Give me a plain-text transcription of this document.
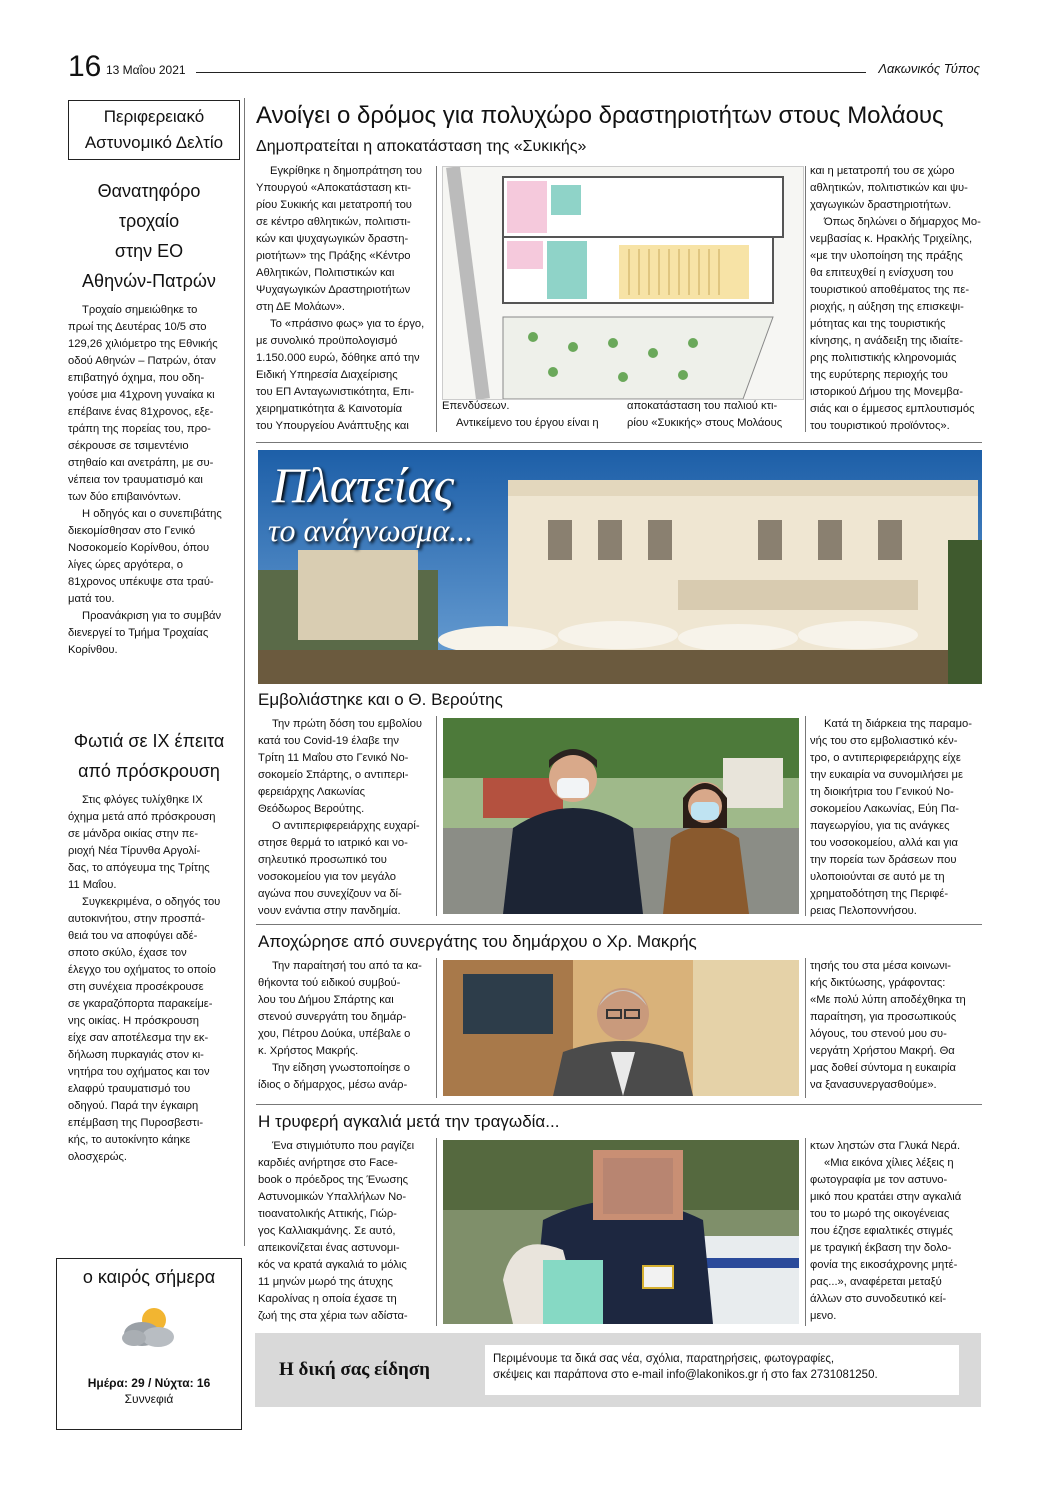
16 13 Μαΐου 2021	Λακωνικός Τύπος
Περιφερειακό
Αστυνομικό Δελτίο
Θανατηφόρο τροχαίο
στην ΕΟ
Αθηνών-Πατρών

Τροχαίο σημειώθηκε το

πρωί της Δευτέρας 10/5 στο

129,26 χιλιόμετρο της Εθνικής

οδού Αθηνών – Πατρών, όταν

επιβατηγό όχημα, που οδη-

γούσε μια 41χρονη γυναίκα κι

επέβαινε ένας 81χρονος, εξε-

τράπη της πορείας του, προ-

σέκρουσε σε τσιμεντένιο

στηθαίο και ανετράπη, με συ-

νέπεια τον τραυματισμό και

των δύο επιβαινόντων.

Η οδηγός και ο συνεπιβάτης

διεκομίσθησαν στο Γενικό

Νοσοκομείο Κορίνθου, όπου

λίγες ώρες αργότερα, ο

81χρονος υπέκυψε στα τραύ-

ματά του.

Προανάκριση για το συμβάν

διενεργεί το Τμήμα Τροχαίας

Κορίνθου.

Φωτιά σε ΙΧ έπειτα
από πρόσκρουση

Στις φλόγες τυλίχθηκε ΙΧ

όχημα μετά από πρόσκρουση

σε μάνδρα οικίας στην πε-

ριοχή Νέα Τίρυνθα Αργολί-

δας, το απόγευμα της Τρίτης

11 Μαΐου.

Συγκεκριμένα, ο οδηγός του

αυτοκινήτου, στην προσπά-

θειά του να αποφύγει αδέ-

σποτο σκύλο, έχασε τον

έλεγχο του οχήματος το οποίο

στη συνέχεια προσέκρουσε

σε γκαραζόπορτα παρακείμε-

νης οικίας. Η πρόσκρουση

είχε σαν αποτέλεσμα την εκ-

δήλωση πυρκαγιάς στον κι-

νητήρα του οχήματος και τον

ελαφρύ τραυματισμό του

οδηγού. Παρά την έγκαιρη

επέμβαση της Πυροσβεστι-

κής, το αυτοκίνητο κάηκε

ολοσχερώς.

ο καιρός σήμερα
Ημέρα: 29 / Νύχτα: 16
Συννεφιά
Ανοίγει ο δρόμος για πολυχώρο δραστηριοτήτων στους Μολάους
Δημοπρατείται η αποκατάσταση της «Συκικής»

Εγκρίθηκε η δημοπράτηση του

Υπουργού «Αποκατάσταση κτι-

ρίου Συκικής και μετατροπή του

σε κέντρο αθλητικών, πολιτιστι-

κών και ψυχαγωγικών δραστη-

ριοτήτων» της Πράξης «Κέντρο

Αθλητικών, Πολιτιστικών και

Ψυχαγωγικών Δραστηριοτήτων

στη ΔΕ Μολάων».

Το «πράσινο φως» για το έργο,

με συνολικό προϋπολογισμό

1.150.000 ευρώ, δόθηκε από την

Ειδική Υπηρεσία Διαχείρισης

του ΕΠ Ανταγωνιστικότητα, Επι-

χειρηματικότητα & Καινοτομία

του Υπουργείου Ανάπτυξης και

Επενδύσεων.

Αντικείμενο του έργου είναι η

αποκατάσταση του παλιού κτι-

ρίου «Συκικής» στους Μολάους

και η μετατροπή του σε χώρο

αθλητικών, πολιτιστικών και ψυ-

χαγωγικών δραστηριοτήτων.

Όπως δηλώνει ο δήμαρχος Μο-

νεμβασίας κ. Ηρακλής Τριχείλης,

«με την υλοποίηση της πράξης

θα επιτευχθεί η ενίσχυση του

τουριστικού αποθέματος της πε-

ριοχής, η αύξηση της επισκεψι-

μότητας και της τουριστικής

κίνησης, η ανάδειξη της ιδιαίτε-

ρης πολιτιστικής κληρονομιάς

της ευρύτερης περιοχής του

ιστορικού Δήμου της Μονεμβα-

σιάς και ο έμμεσος εμπλουτισμός

του τουριστικού προϊόντος».

Πλατείας
το ανάγνωσμα...
Εμβολιάστηκε και ο Θ. Βερούτης

Την πρώτη δόση του εμβολίου

κατά του Covid-19 έλαβε την

Τρίτη 11 Μαΐου στο Γενικό Νο-

σοκομείο Σπάρτης, ο αντιπερι-

φερειάρχης Λακωνίας

Θεόδωρος Βερούτης.

Ο αντιπεριφερειάρχης ευχαρί-

στησε θερμά το ιατρικό και νο-

σηλευτικό προσωπικό του

νοσοκομείου για τον μεγάλο

αγώνα που συνεχίζουν να δί-

νουν ενάντια στην πανδημία.

Κατά τη διάρκεια της παραμο-

νής του στο εμβολιαστικό κέν-

τρο, ο αντιπεριφερειάρχης είχε

την ευκαιρία να συνομιλήσει με

τη διοικήτρια του Γενικού Νο-

σοκομείου Λακωνίας, Εύη Πα-

παγεωργίου, για τις ανάγκες

του νοσοκομείου, αλλά και για

την πορεία των δράσεων που

υλοποιούνται σε αυτό με τη

χρηματοδότηση της Περιφέ-

ρειας Πελοποννήσου.

Αποχώρησε από συνεργάτης του δημάρχου ο Χρ. Μακρής

Την παραίτησή του από τα κα-

θήκοντα τού ειδικού συμβού-

λου του Δήμου Σπάρτης και

στενού συνεργάτη του δημάρ-

χου, Πέτρου Δούκα, υπέβαλε ο

κ. Χρήστος Μακρής.

Την είδηση γνωστοποίησε ο

ίδιος ο δήμαρχος, μέσω ανάρ-

τησής του στα μέσα κοινωνι-

κής δικτύωσης, γράφοντας:

«Με πολύ λύπη αποδέχθηκα τη

παραίτηση, για προσωπικούς

λόγους, του στενού μου συ-

νεργάτη Χρήστου Μακρή. Θα

μας δοθεί σύντομα η ευκαιρία

να ξανασυνεργασθούμε».

Η τρυφερή αγκαλιά μετά την τραγωδία...

Ένα στιγμιότυπο που ραγίζει

καρδιές ανήρτησε στο Face-

book ο πρόεδρος της Ένωσης

Αστυνομικών Υπαλλήλων Νο-

τιοανατολικής Αττικής, Γιώρ-

γος Καλλιακμάνης. Σε αυτό,

απεικονίζεται ένας αστυνομι-

κός να κρατά αγκαλιά το μόλις

11 μηνών μωρό της άτυχης

Καρολίνας η οποία έχασε τη

ζωή της στα χέρια των αδίστα-

κτων ληστών στα Γλυκά Νερά.

«Μια εικόνα χίλιες λέξεις η

φωτογραφία με τον αστυνο-

μικό που κρατάει στην αγκαλιά

του το μωρό της οικογένειας

που έζησε εφιαλτικές στιγμές

με τραγική έκβαση την δολο-

φονία της εικοσάχρονης μητέ-

ρας...», αναφέρεται μεταξύ

άλλων στο συνοδευτικό κεί-

μενο.

Η δική σας είδηση	Περιμένουμε τα δικά σας νέα, σχόλια, παρατηρήσεις, φωτογραφίες,
σκέψεις και παράπονα στο e-mail info@lakonikos.gr ή στο fax 2731081250.
